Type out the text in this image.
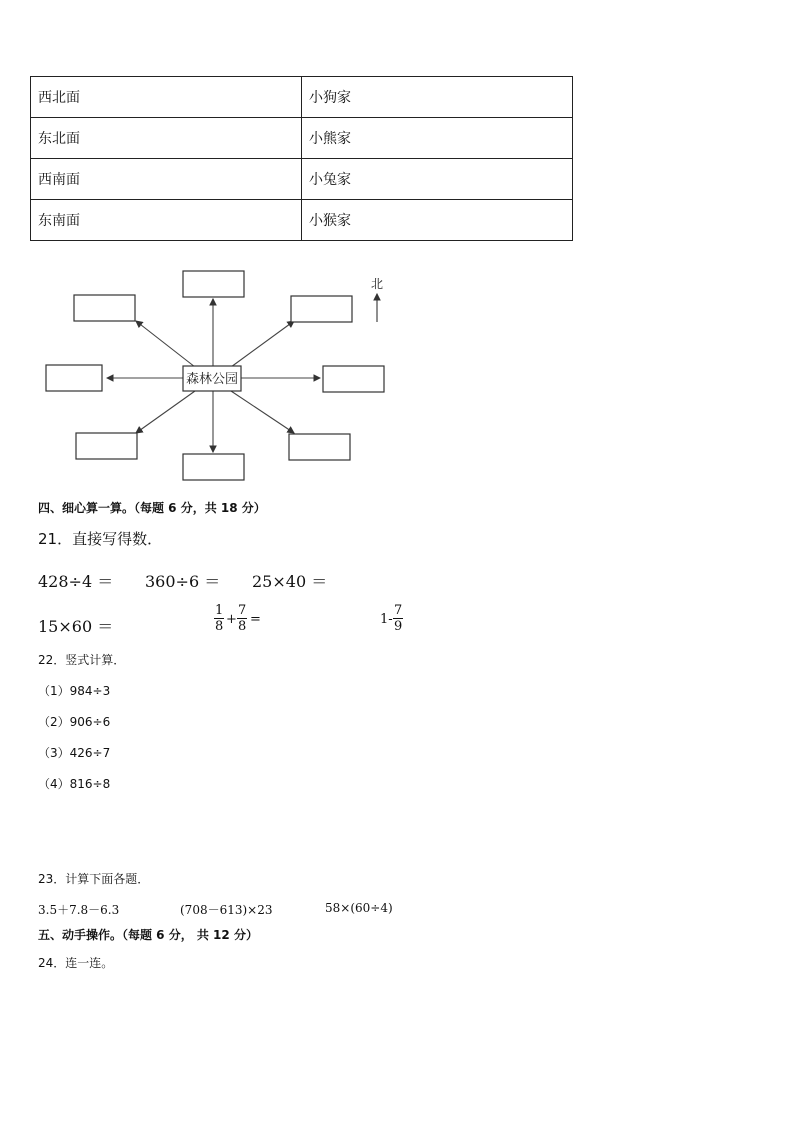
西北面	小狗家
东北面	小熊家
西南面	小兔家
东南面	小猴家
森林公园
北
四、细心算一算。（每题 6 分，共 18 分）
21．直接写得数．
428÷4 ＝ 360÷6 ＝ 25×40 ＝
15×60 ＝	$\frac{1}{8} + \frac{7}{8}$ =	$1- \frac{7}{9}$
22．竖式计算．
（1）984÷3
（2）906÷6
（3）426÷7
（4）816÷8
23．计算下面各题．
3.5＋7.8－6.3	(708－613)×23	58×(60÷4)
五、动手操作。（每题 6 分， 共 12 分）
24．连一连。
